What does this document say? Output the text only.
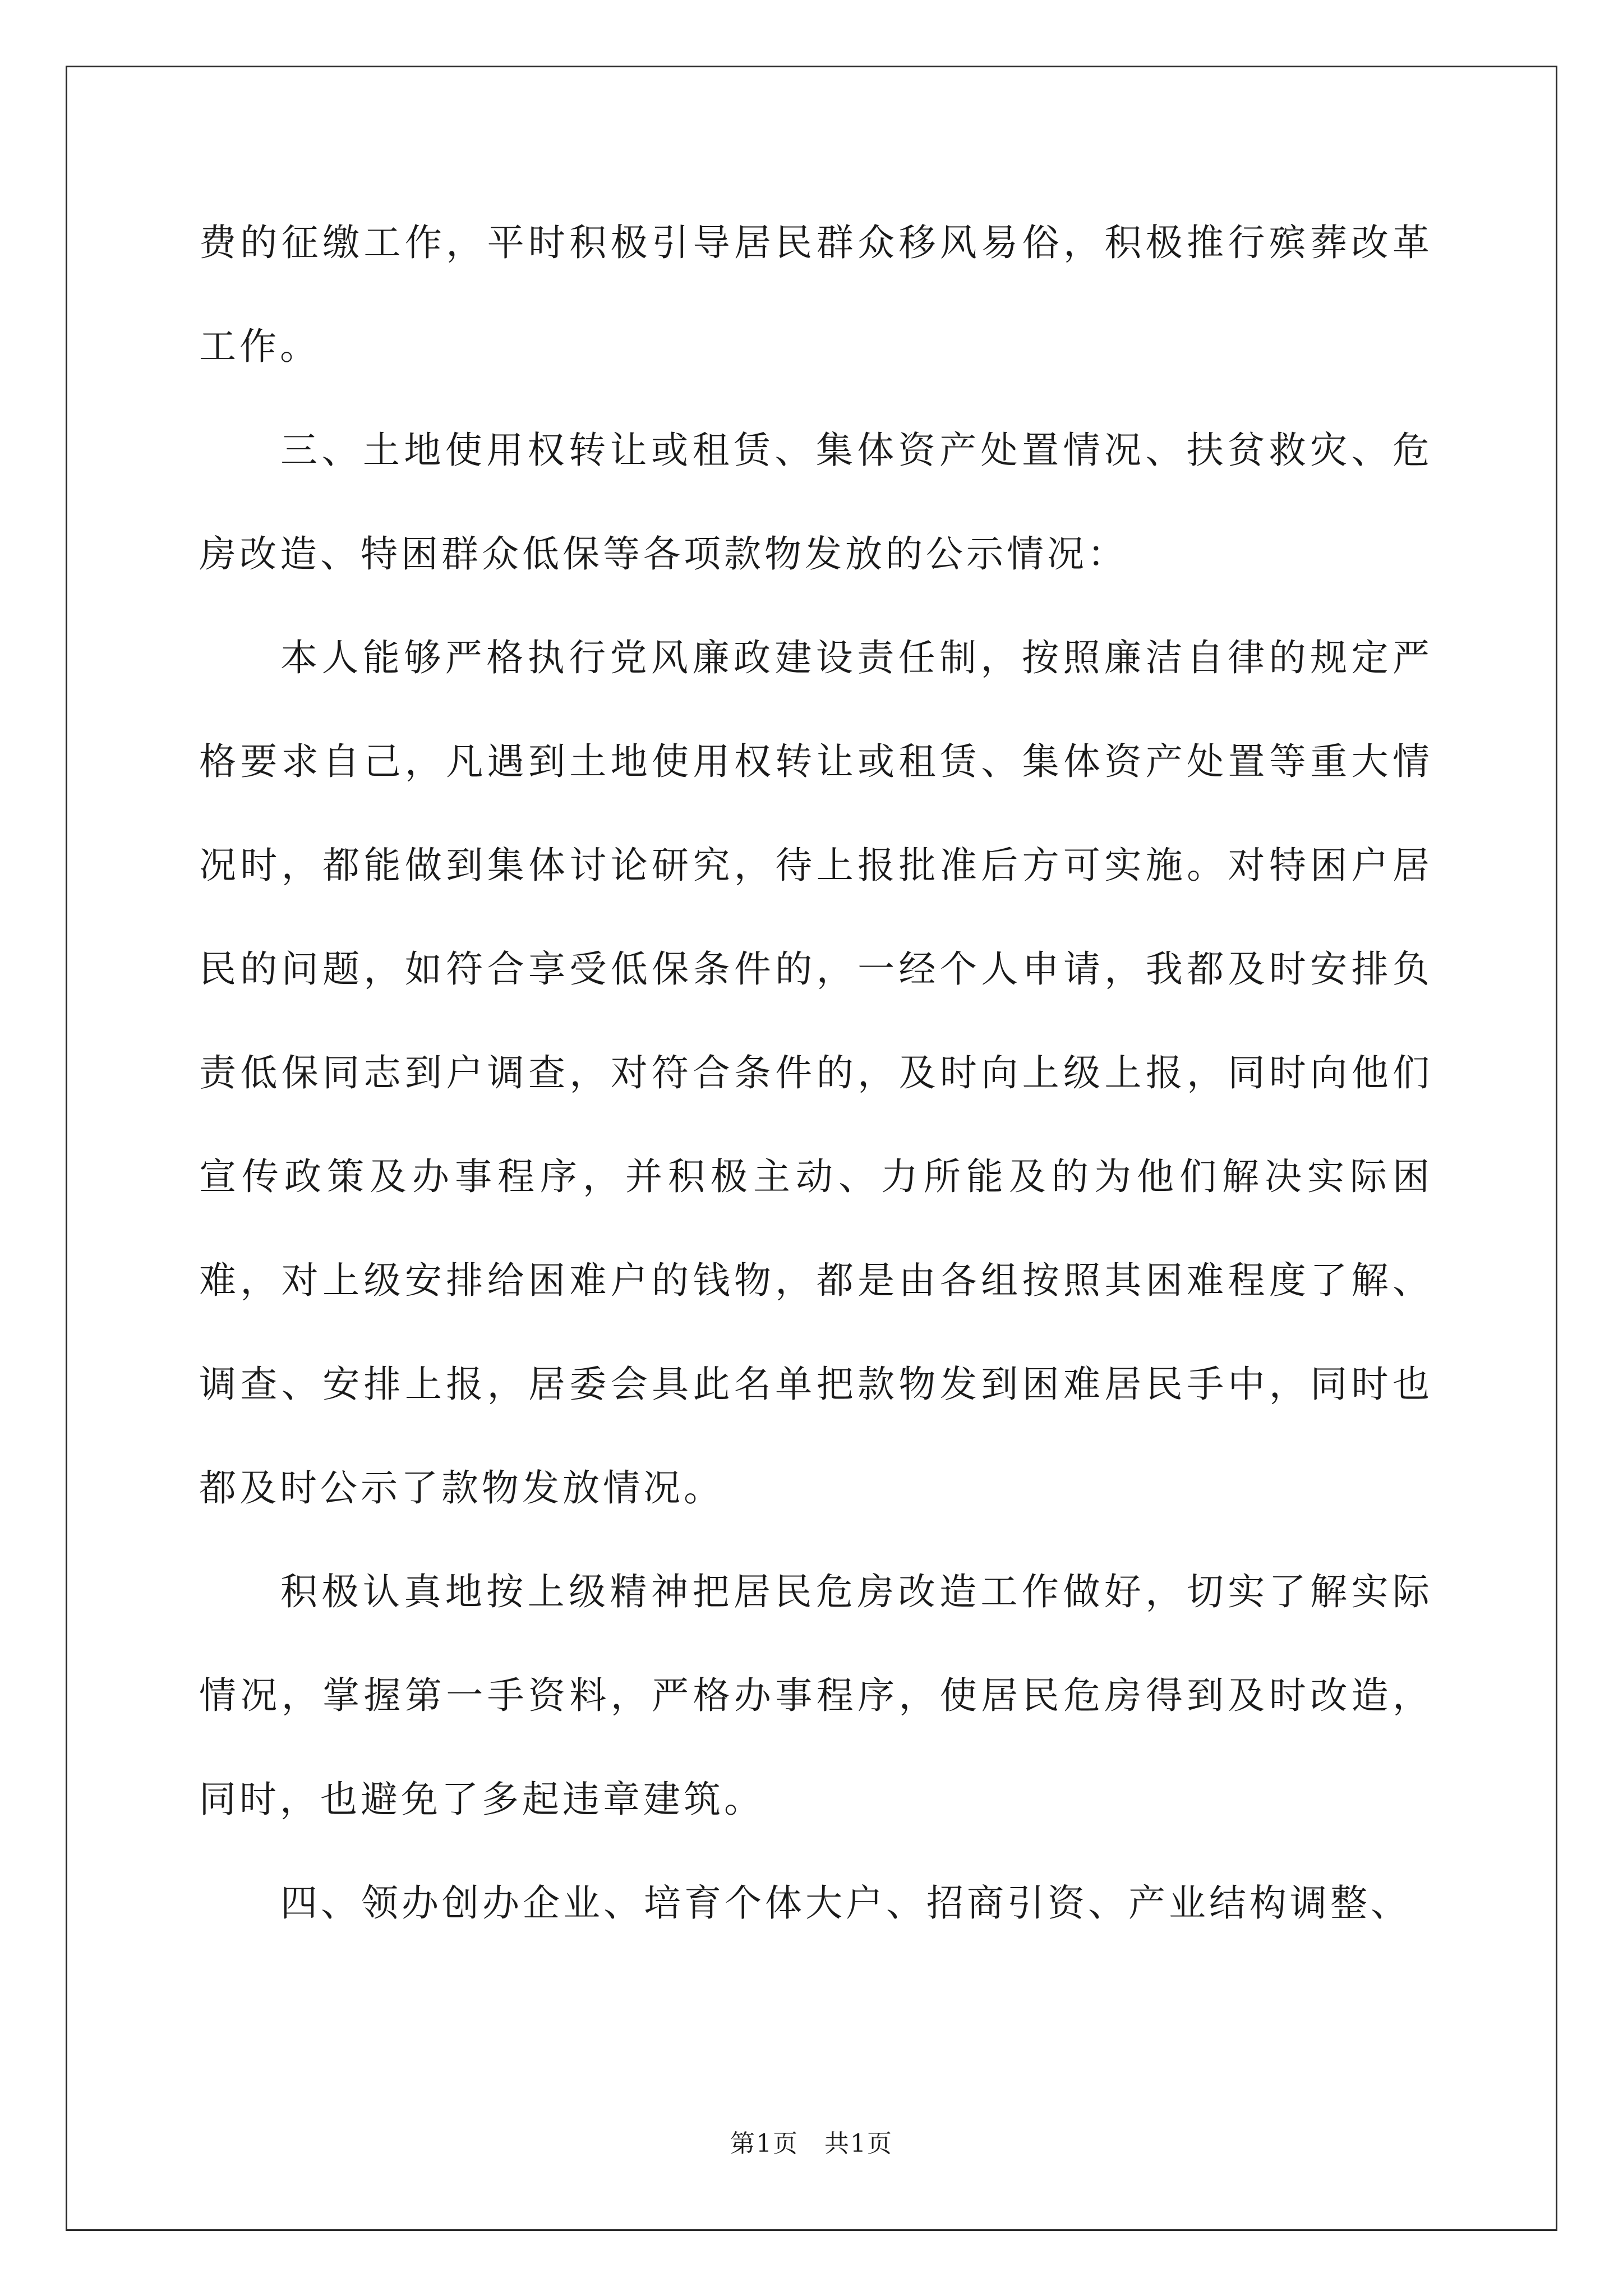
费的征缴工作，平时积极引导居民群众移风易俗，积极推行殡葬改革工作。

三、土地使用权转让或租赁、集体资产处置情况、扶贫救灾、危房改造、特困群众低保等各项款物发放的公示情况：

本人能够严格执行党风廉政建设责任制，按照廉洁自律的规定严格要求自己，凡遇到土地使用权转让或租赁、集体资产处置等重大情况时，都能做到集体讨论研究，待上报批准后方可实施。对特困户居民的问题，如符合享受低保条件的，一经个人申请，我都及时安排负责低保同志到户调查，对符合条件的，及时向上级上报，同时向他们宣传政策及办事程序，并积极主动、力所能及的为他们解决实际困难，对上级安排给困难户的钱物，都是由各组按照其困难程度了解、调查、安排上报，居委会具此名单把款物发到困难居民手中，同时也都及时公示了款物发放情况。

积极认真地按上级精神把居民危房改造工作做好，切实了解实际情况，掌握第一手资料，严格办事程序，使居民危房得到及时改造，同时，也避免了多起违章建筑。

四、领办创办企业、培育个体大户、招商引资、产业结构调整、

第1页　共1页
